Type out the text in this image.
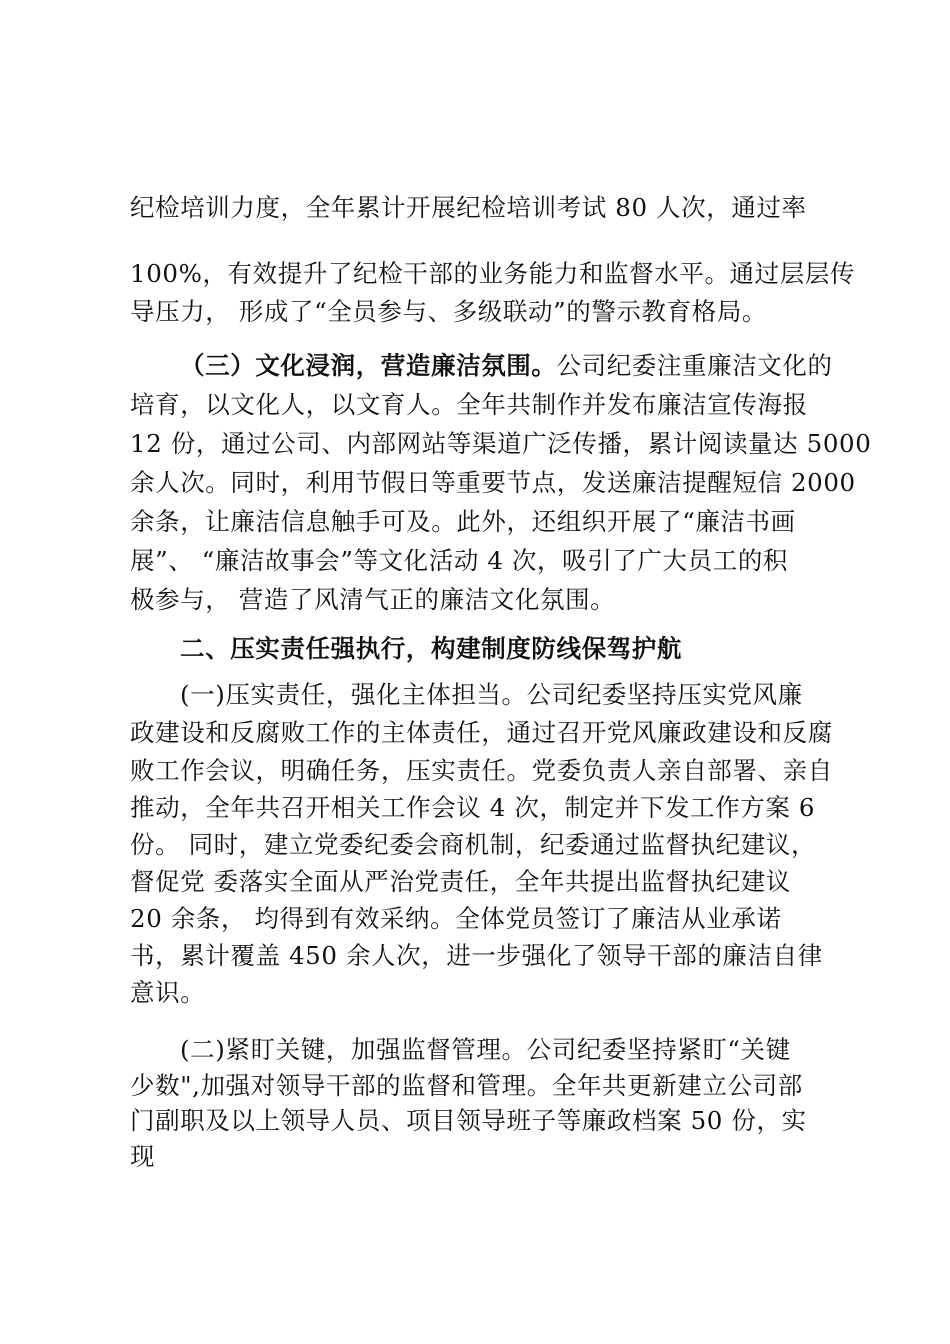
纪检培训力度，全年累计开展纪检培训考试 80 人次，通过率
100%，有效提升了纪检干部的业务能力和监督水平。通过层层传
导压力， 形成了“全员参与、多级联动”的警示教育格局。
（三）文化浸润，营造廉洁氛围。公司纪委注重廉洁文化的
培育，以文化人，以文育人。全年共制作并发布廉洁宣传海报
12 份，通过公司、内部网站等渠道广泛传播，累计阅读量达 5000
余人次。同时，利用节假日等重要节点，发送廉洁提醒短信 2000
余条，让廉洁信息触手可及。此外，还组织开展了“廉洁书画
展”、 “廉洁故事会”等文化活动 4 次，吸引了广大员工的积
极参与， 营造了风清气正的廉洁文化氛围。
二、压实责任强执行，构建制度防线保驾护航
(一)压实责任，强化主体担当。公司纪委坚持压实党风廉
政建设和反腐败工作的主体责任，通过召开党风廉政建设和反腐
败工作会议，明确任务，压实责任。党委负责人亲自部署、亲自
推动，全年共召开相关工作会议 4 次，制定并下发工作方案 6
份。 同时，建立党委纪委会商机制，纪委通过监督执纪建议，
督促党 委落实全面从严治党责任，全年共提出监督执纪建议
20 余条， 均得到有效采纳。全体党员签订了廉洁从业承诺
书，累计覆盖 450 余人次，进一步强化了领导干部的廉洁自律
意识。
(二)紧盯关键，加强监督管理。公司纪委坚持紧盯“关键
少数",加强对领导干部的监督和管理。全年共更新建立公司部
门副职及以上领导人员、项目领导班子等廉政档案 50 份，实
现
